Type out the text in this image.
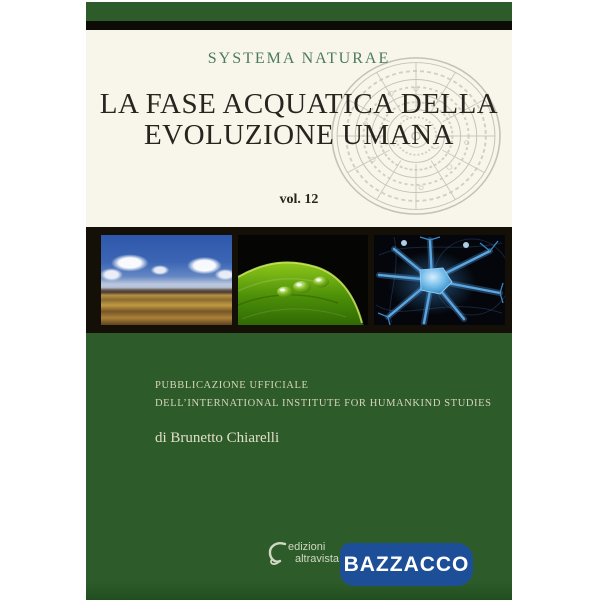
SYSTEMA NATURAE
LA FASE ACQUATICA DELLA
EVOLUZIONE UMANA
vol. 12
PUBBLICAZIONE UFFICIALE
DELL’INTERNATIONAL INSTITUTE FOR HUMANKIND STUDIES
di Brunetto Chiarelli
edizioni
altravista BAZZACCO
